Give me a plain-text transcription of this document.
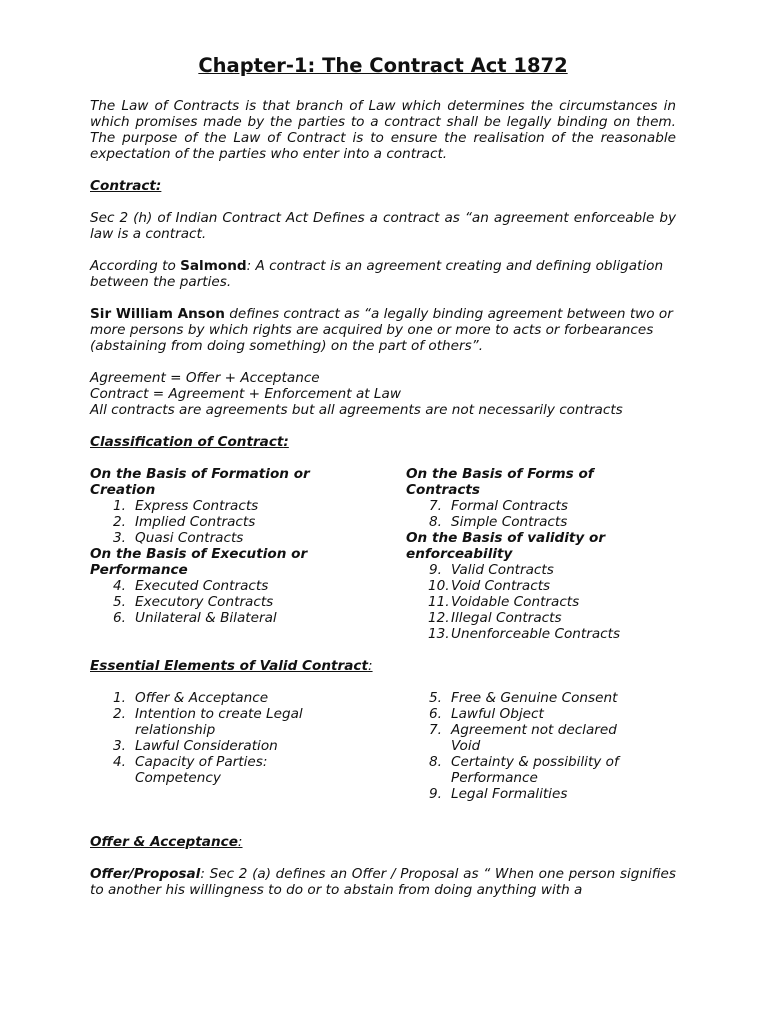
Chapter-1: The Contract Act 1872

The Law of Contracts is that branch of Law which determines the circumstances in which promises made by the parties to a contract shall be legally binding on them. The purpose of the Law of Contract is to ensure the realisation of the reasonable expectation of the parties who enter into a contract.

Contract:

Sec 2 (h) of Indian Contract Act Defines a contract as “an agreement enforceable by law is a contract.

According to Salmond: A contract is an agreement creating and defining obligation between the parties.

Sir William Anson defines contract as “a legally binding agreement between two or more persons by which rights are acquired by one or more to acts or forbearances (abstaining from doing something) on the part of others”.

Agreement = Offer + Acceptance
Contract = Agreement + Enforcement at Law
All contracts are agreements but all agreements are not necessarily contracts

Classification of Contract:

On the Basis of Formation or Creation
1. Express Contracts
2. Implied Contracts
3. Quasi Contracts
On the Basis of Execution or Performance
4. Executed Contracts
5. Executory Contracts
6. Unilateral & Bilateral
On the Basis of Forms of Contracts
7. Formal Contracts
8. Simple Contracts
On the Basis of validity or enforceability
9. Valid Contracts
10. Void Contracts
11. Voidable Contracts
12. Illegal Contracts
13. Unenforceable Contracts

Essential Elements of Valid Contract:

1. Offer & Acceptance
2. Intention to create Legal relationship
3. Lawful Consideration
4. Capacity of Parties: Competency
5. Free & Genuine Consent
6. Lawful Object
7. Agreement not declared Void
8. Certainty & possibility of Performance
9. Legal Formalities

Offer & Acceptance:

Offer/Proposal: Sec 2 (a) defines an Offer / Proposal as “ When one person signifies to another his willingness to do or to abstain from doing anything with a
